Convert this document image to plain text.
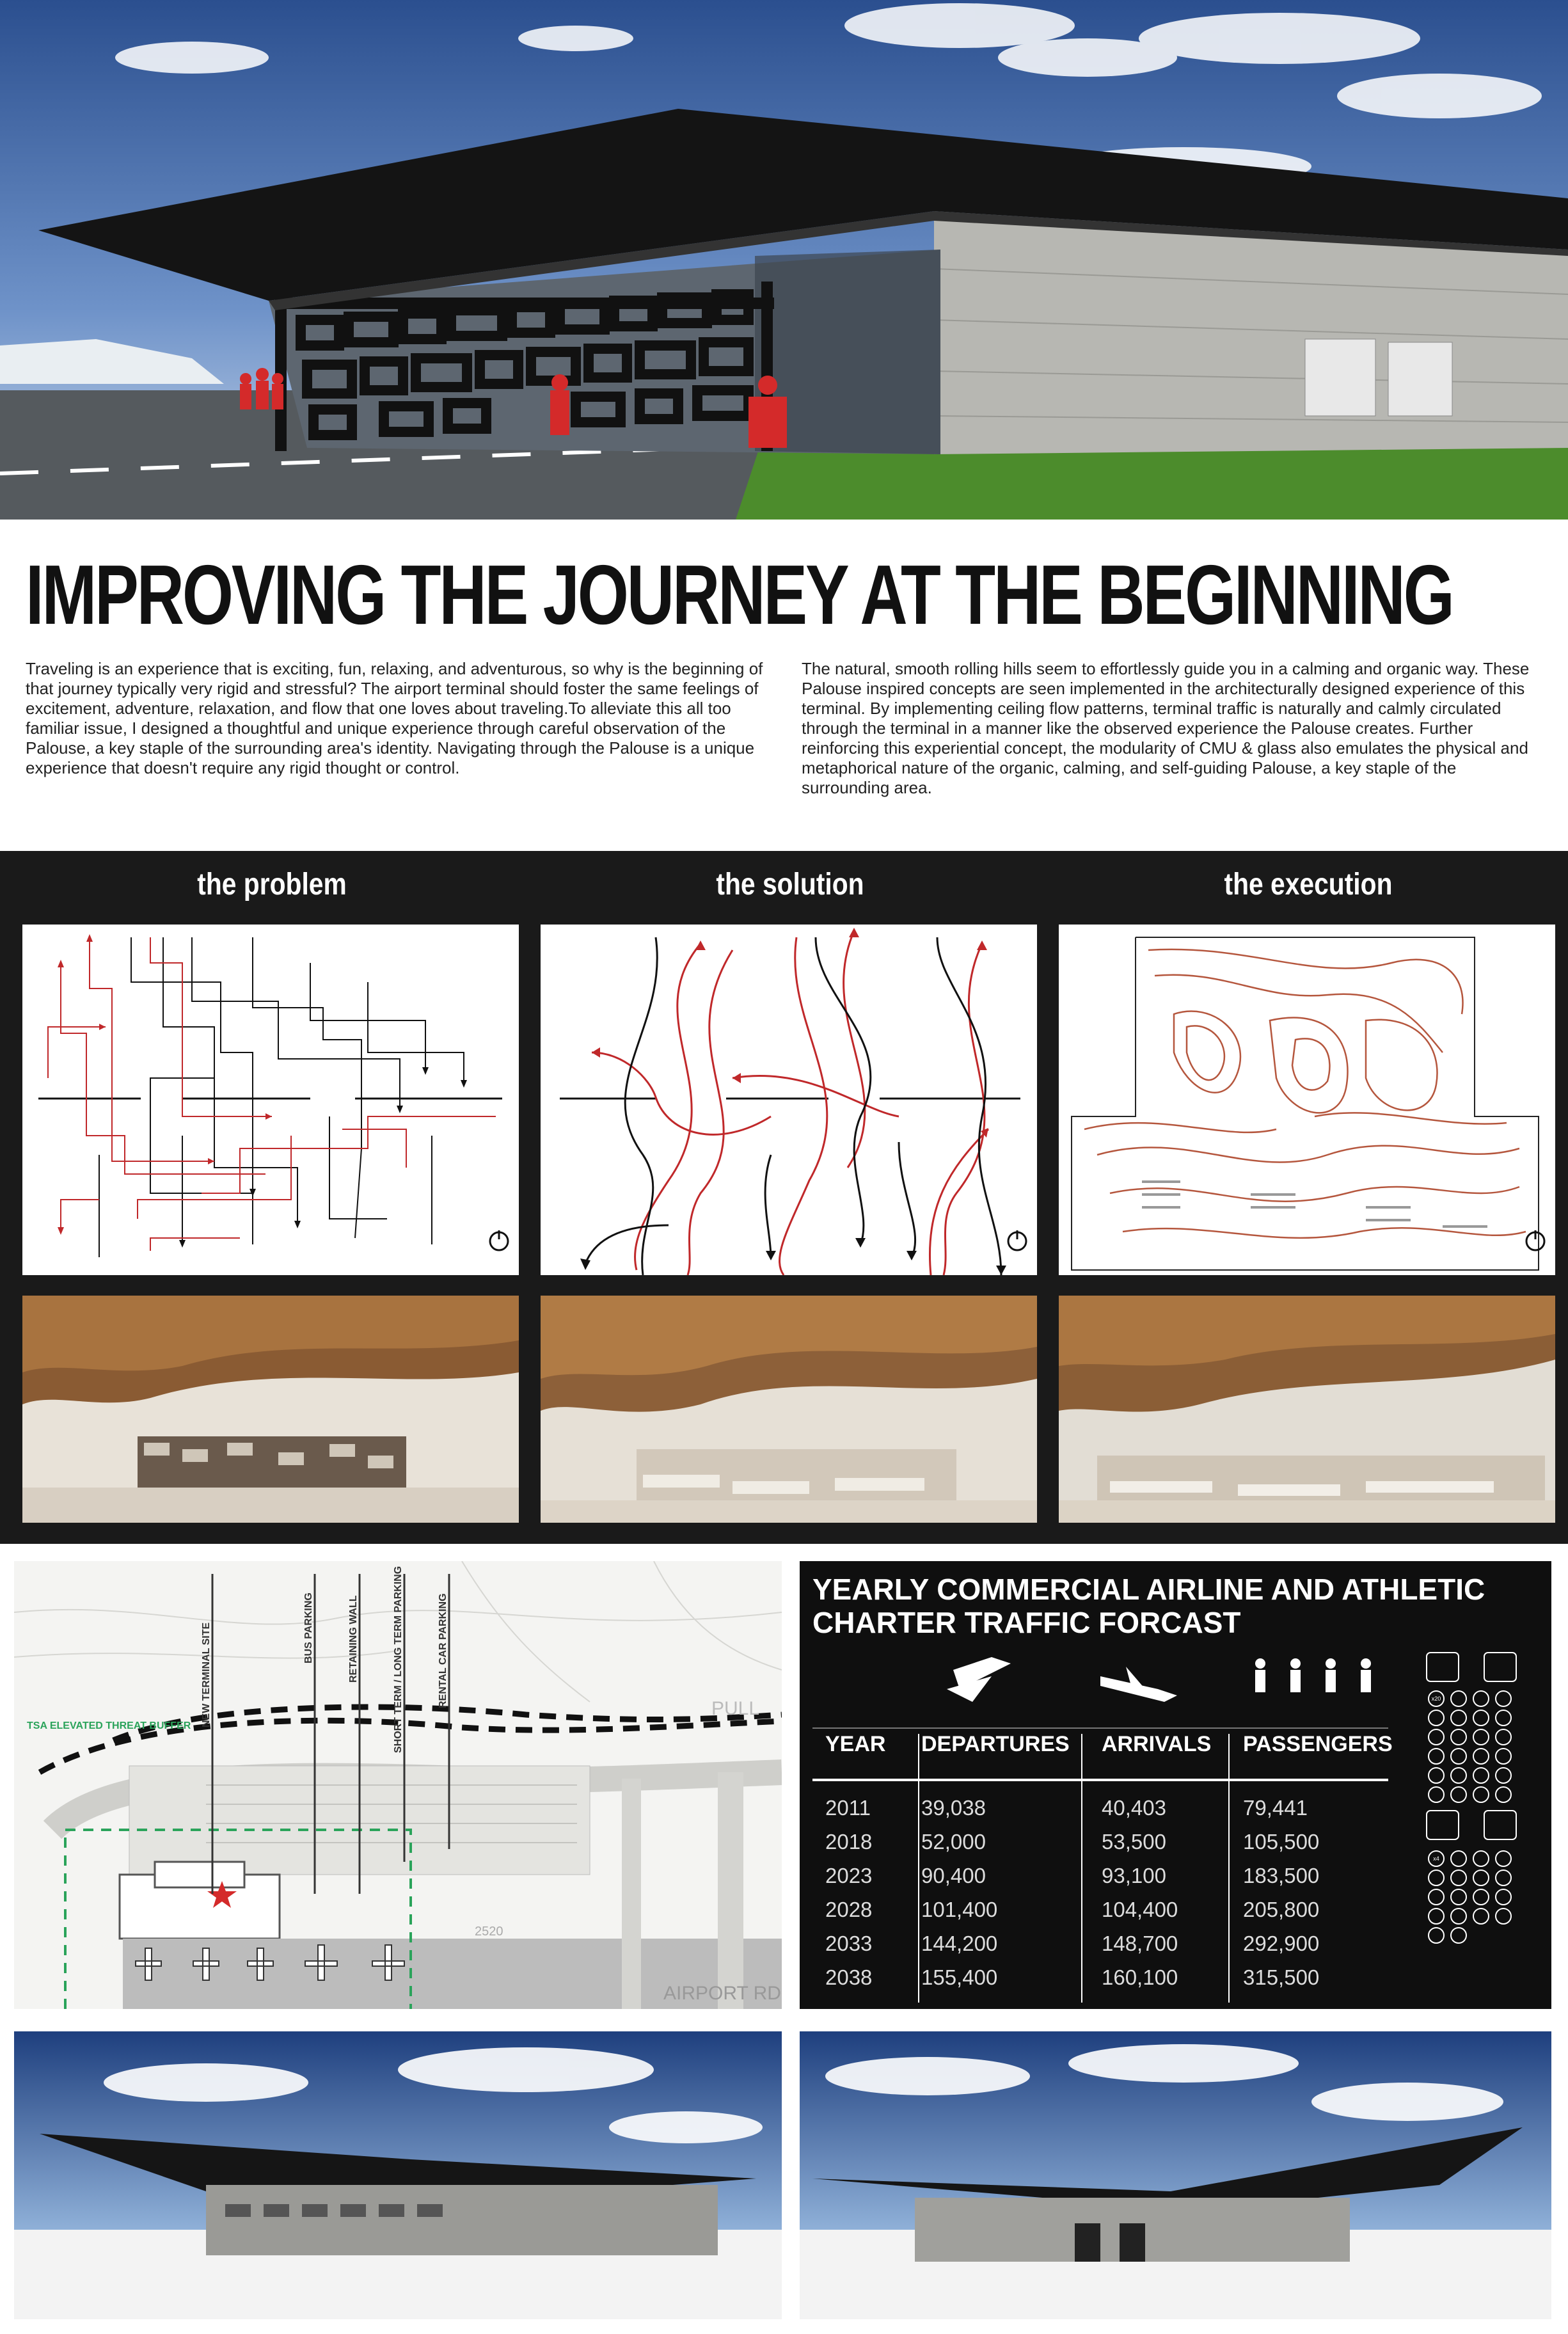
IMPROVING THE JOURNEY AT THE BEGINNING

Traveling is an experience that is exciting, fun, relaxing, and adventurous, so why is the beginning of that journey typically very rigid and stressful? The airport terminal should foster the same feelings of excitement, adventure, relaxation, and flow that one loves about traveling.To alleviate this all too familiar issue, I designed a thoughtful and unique experience through careful observation of the Palouse, a key staple of the surrounding area's identity. Navigating through the Palouse is a unique experience that doesn't require any rigid thought or control.

The natural, smooth rolling hills seem to effortlessly guide you in a calming and organic way. These Palouse inspired concepts are seen implemented in the architecturally designed experience of this terminal. By implementing ceiling flow patterns, terminal traffic is naturally and calmly circulated through the terminal in a manner like the observed experience the Palouse creates. Further reinforcing this experiential concept, the modularity of CMU & glass also emulates the physical and metaphorical nature of the organic, calming, and self-guiding Palouse, a key staple of the surrounding area.

the problem	the solution	the execution
NEW TERMINAL SITE	BUS PARKING	RETAINING WALL	SHORT TERM / LONG TERM PARKING	RENTAL CAR PARKING
TSA ELEVATED THREAT BUFFER
PULL
AIRPORT RD
2520
YEARLY COMMERCIAL AIRLINE AND ATHLETIC CHARTER TRAFFIC FORCAST
x20
x4
YEAR DEPARTURES ARRIVALS PASSENGERS
2011 39,038	40,403	79,441
2018 52,000	53,500	105,500
2023 90,400	93,100	183,500
2028 101,400	104,400	205,800
2033 144,200	148,700	292,900
2038 155,400	160,100	315,500
